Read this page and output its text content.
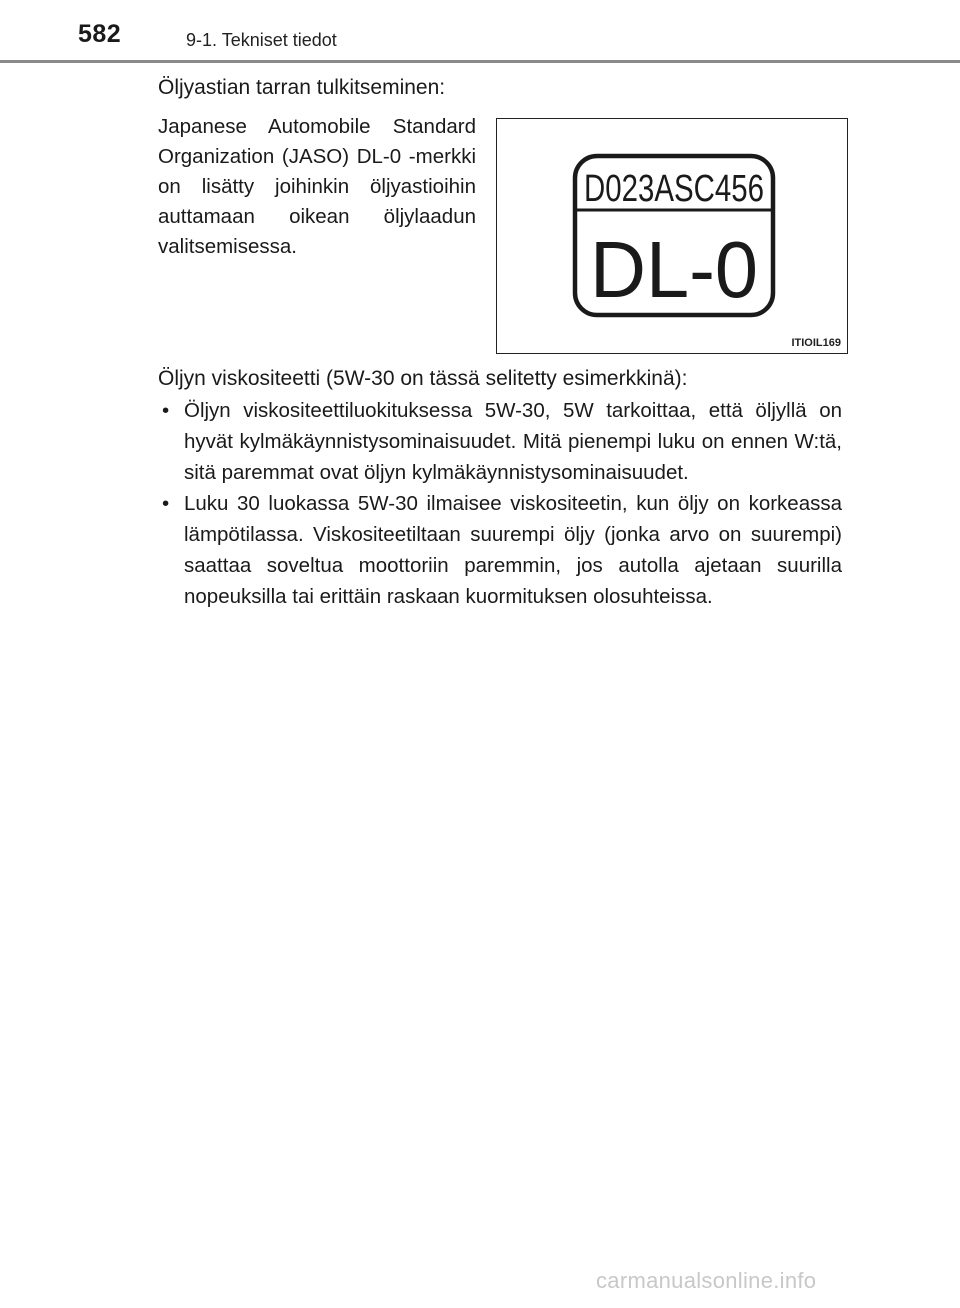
582	9-1. Tekniset tiedot
Öljyastian tarran tulkitseminen:
Japanese Automobile Standard Organization (JASO) DL-0 -merkki on lisätty joihinkin öljyastioihin auttamaan oikean öljylaadun valitsemisessa.
D023ASC456
DL-0
ITIOIL169
Öljyn viskositeetti (5W-30 on tässä selitetty esimerkkinä):

• Öljyn viskositeettiluokituksessa 5W-30, 5W tarkoittaa, että öljyllä on hyvät kylmäkäynnistysominaisuudet. Mitä pienempi luku on ennen W:tä, sitä paremmat ovat öljyn kylmäkäynnistysominaisuudet.

• Luku 30 luokassa 5W-30 ilmaisee viskositeetin, kun öljy on korkeassa lämpötilassa. Viskositeetiltaan suurempi öljy (jonka arvo on suurempi) saattaa soveltua moottoriin paremmin, jos autolla ajetaan suurilla nopeuksilla tai erittäin raskaan kuormituksen olosuhteissa.

carmanualsonline.info
